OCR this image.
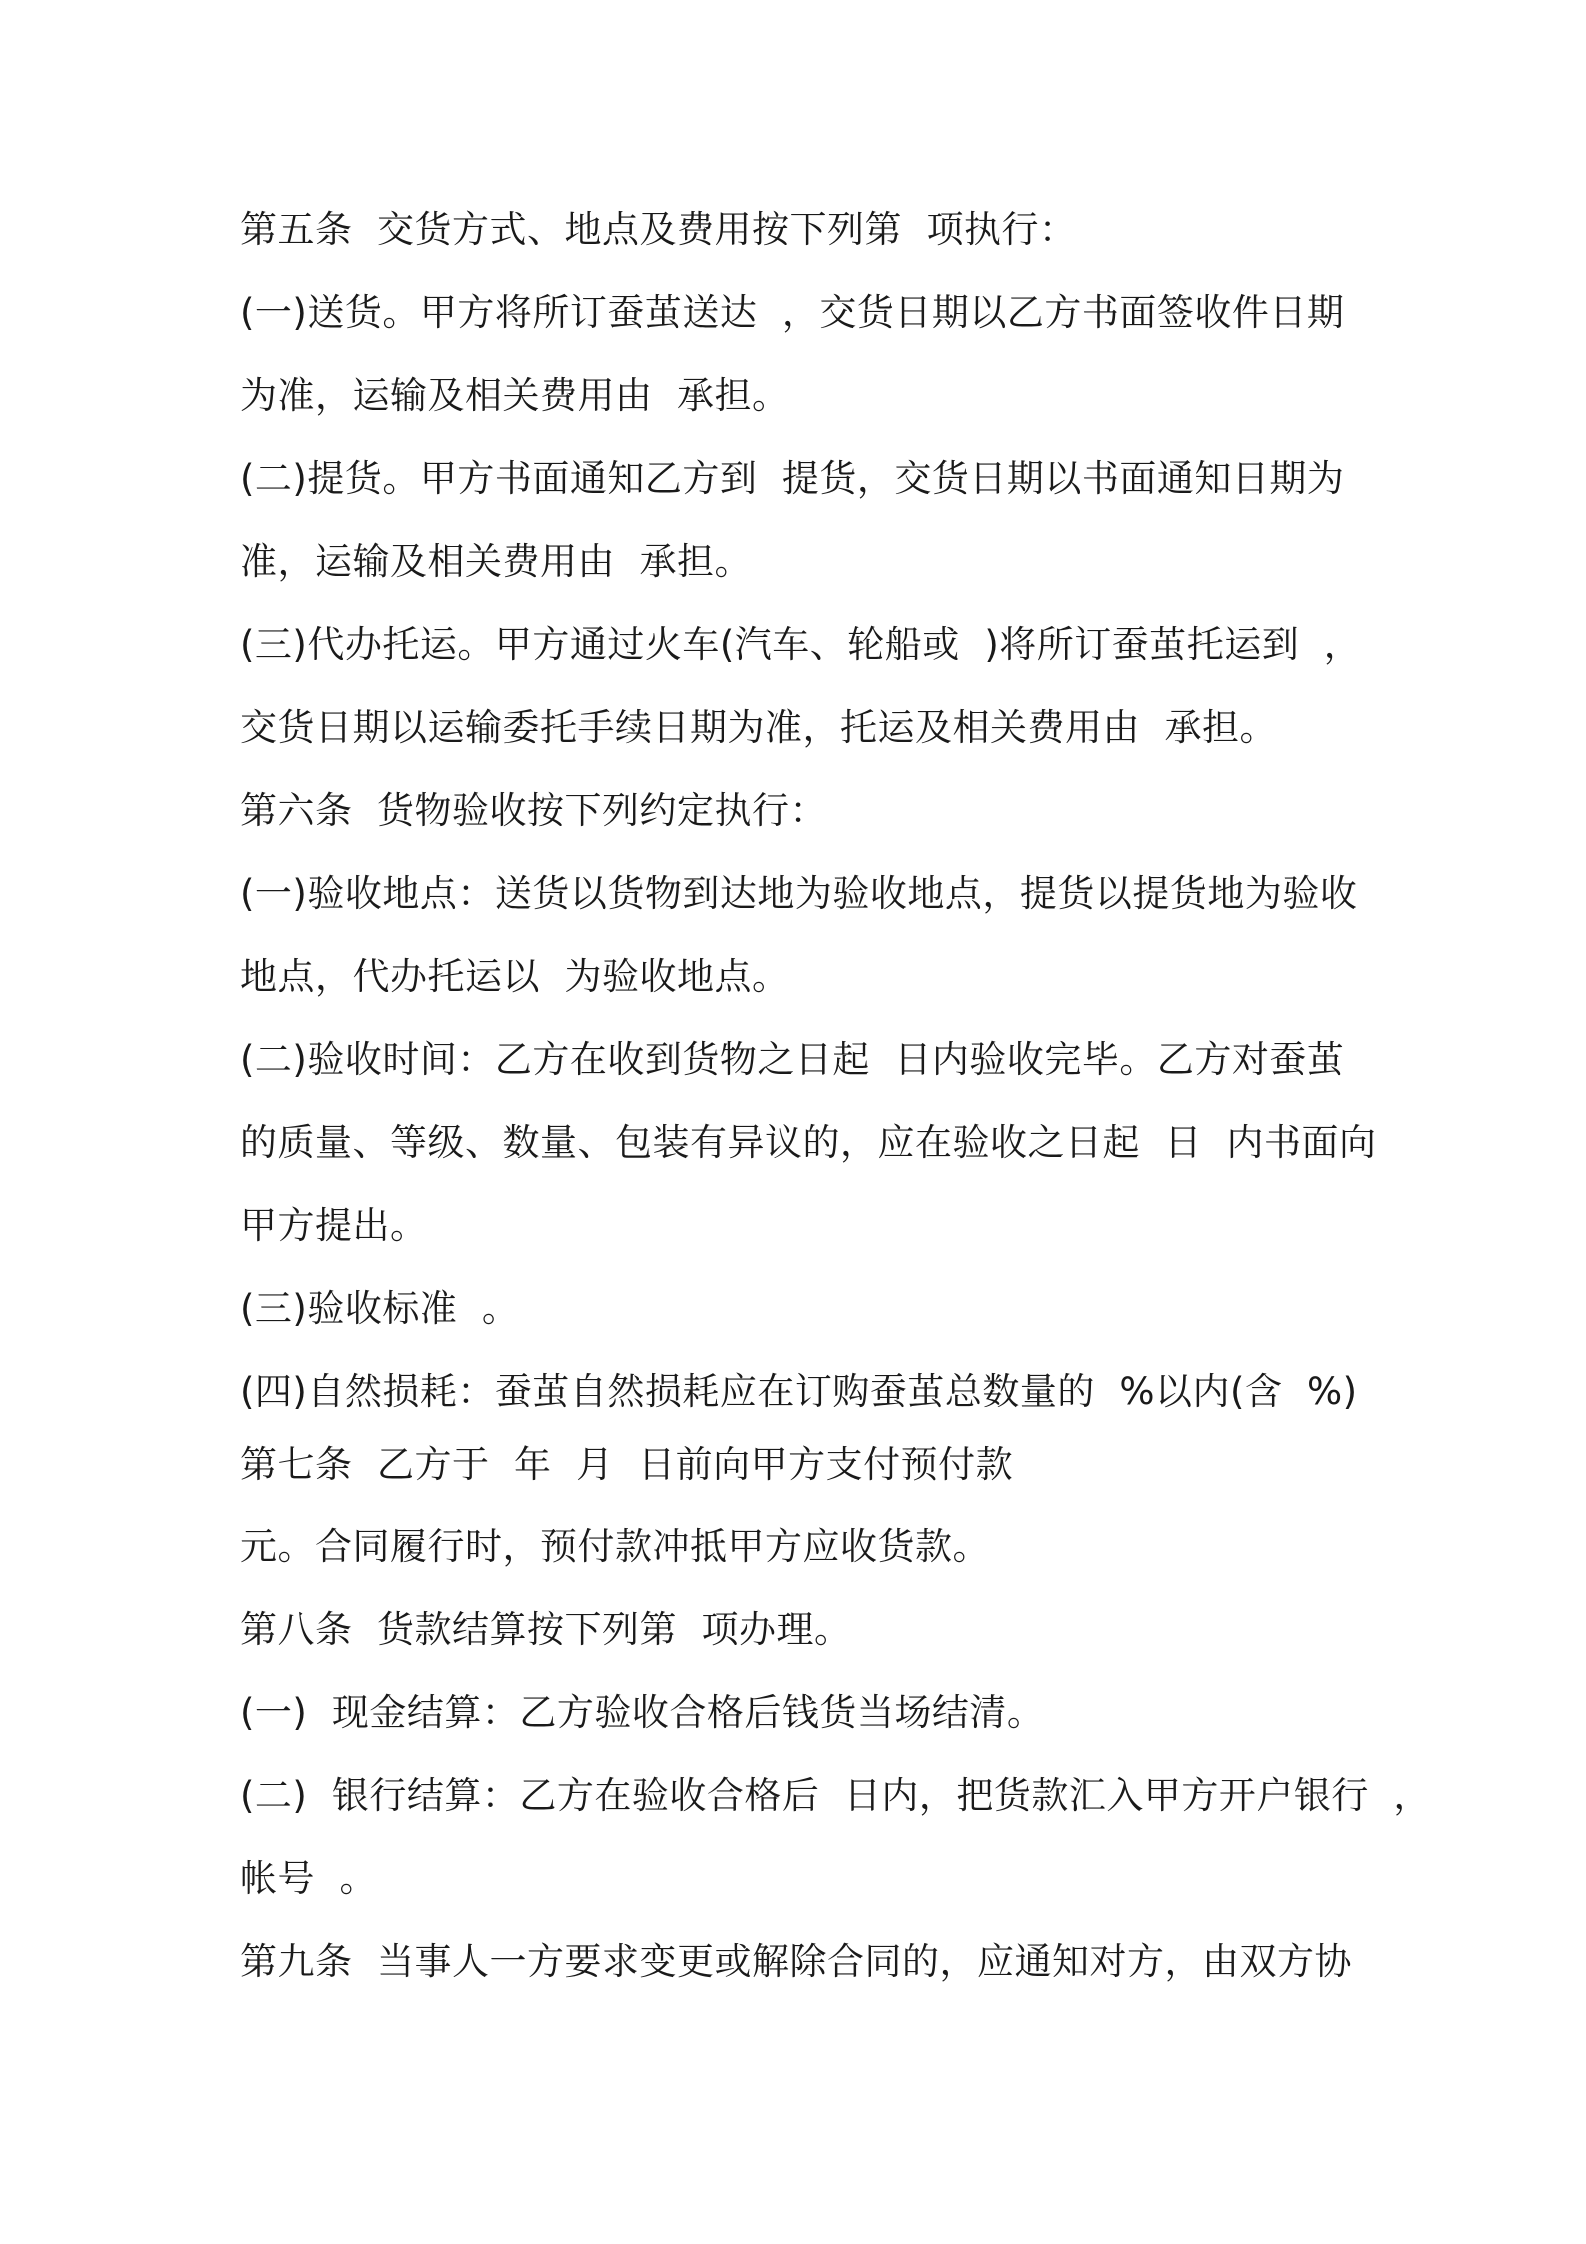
第五条  交货方式、地点及费用按下列第  项执行：
(一)送货。甲方将所订蚕茧送达  ，交货日期以乙方书面签收件日期
为准，运输及相关费用由  承担。
(二)提货。甲方书面通知乙方到  提货，交货日期以书面通知日期为
准，运输及相关费用由  承担。
(三)代办托运。甲方通过火车(汽车、轮船或  )将所订蚕茧托运到  ，
交货日期以运输委托手续日期为准，托运及相关费用由  承担。
第六条  货物验收按下列约定执行：
(一)验收地点：送货以货物到达地为验收地点，提货以提货地为验收
地点，代办托运以  为验收地点。
(二)验收时间：乙方在收到货物之日起  日内验收完毕。乙方对蚕茧
的质量、等级、数量、包装有异议的，应在验收之日起  日  内书面向
甲方提出。
(三)验收标准  。
(四)自然损耗：蚕茧自然损耗应在订购蚕茧总数量的  %以内(含  %)
第七条  乙方于  年  月  日前向甲方支付预付款
元。合同履行时，预付款冲抵甲方应收货款。
第八条  货款结算按下列第  项办理。
(一)  现金结算：乙方验收合格后钱货当场结清。
(二)  银行结算：乙方在验收合格后  日内，把货款汇入甲方开户银行  ，
帐号  。
第九条  当事人一方要求变更或解除合同的，应通知对方，由双方协
